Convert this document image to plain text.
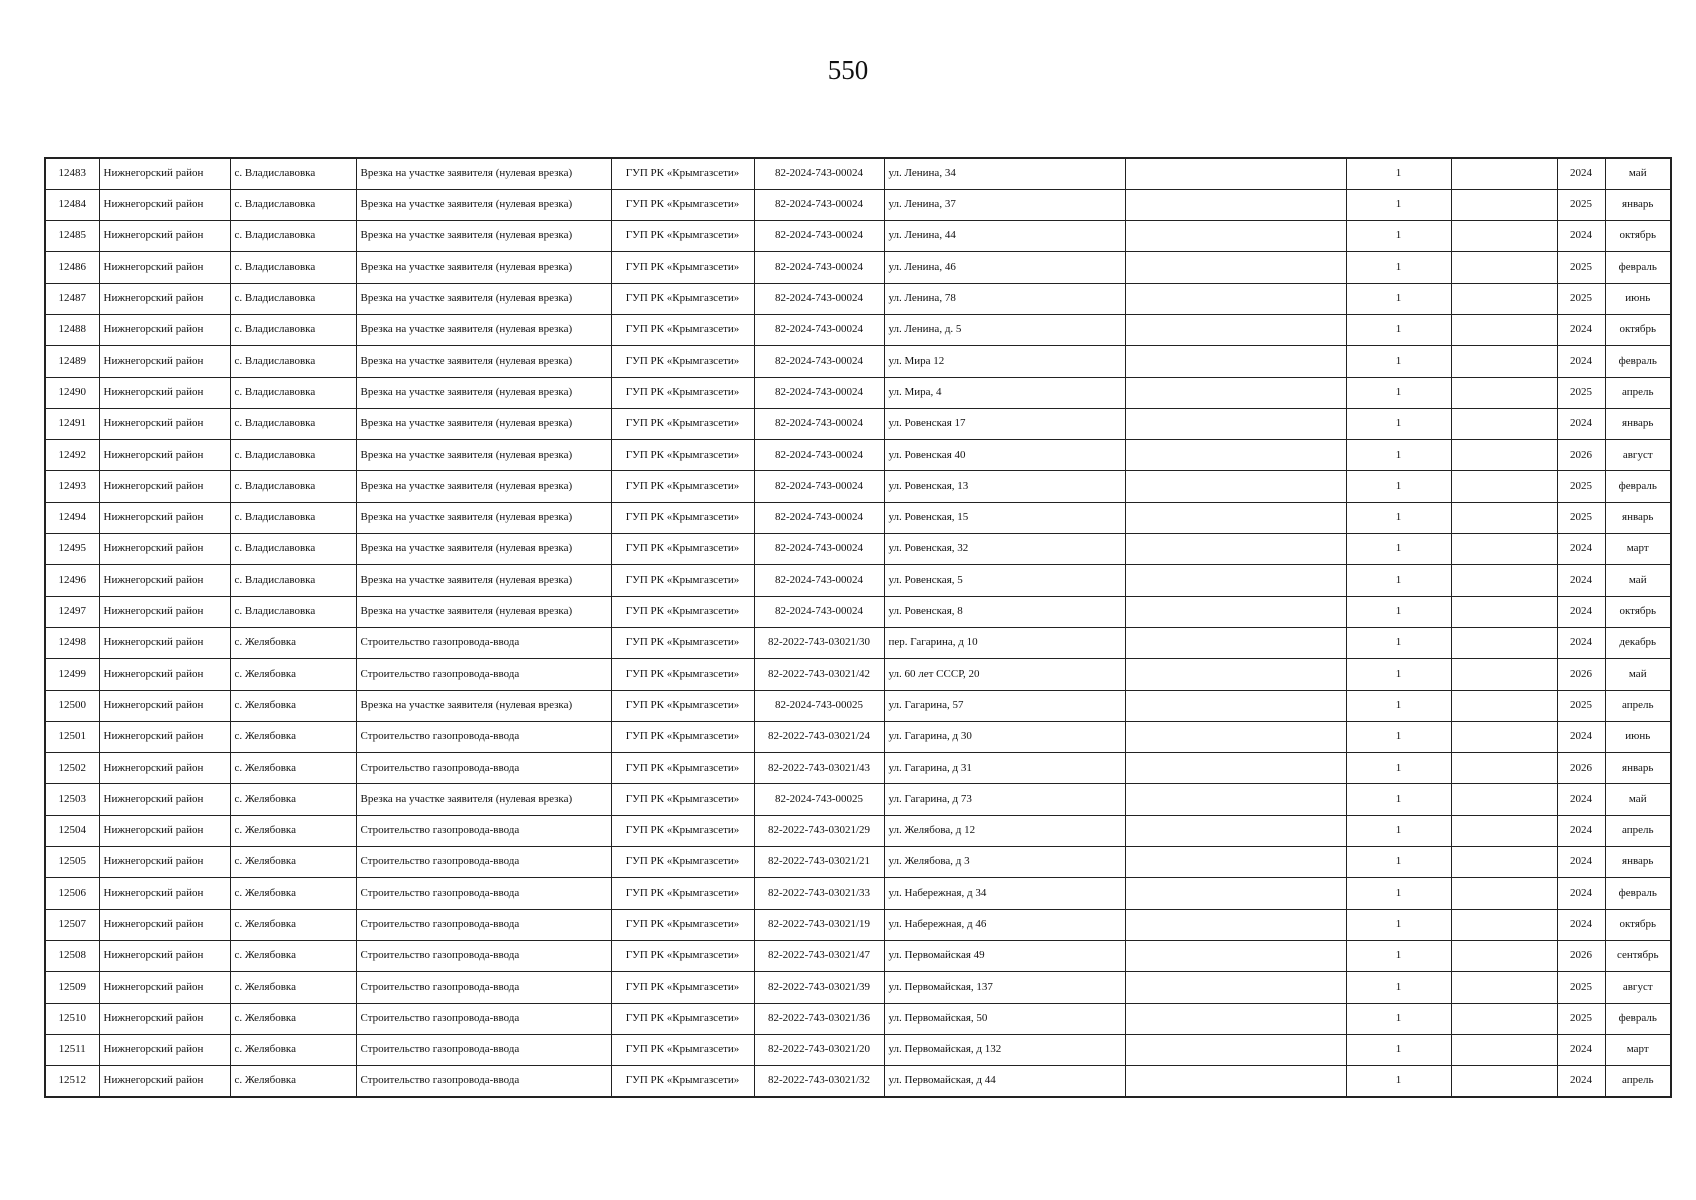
550
12483	Нижнегорский район	с. Владиславовка	Врезка на участке заявителя (нулевая врезка)	ГУП РК «Крымгазсети»	82-2024-743-00024	ул. Ленина, 34		1		2024	май
12484	Нижнегорский район	с. Владиславовка	Врезка на участке заявителя (нулевая врезка)	ГУП РК «Крымгазсети»	82-2024-743-00024	ул. Ленина, 37		1		2025	январь
12485	Нижнегорский район	с. Владиславовка	Врезка на участке заявителя (нулевая врезка)	ГУП РК «Крымгазсети»	82-2024-743-00024	ул. Ленина, 44		1		2024	октябрь
12486	Нижнегорский район	с. Владиславовка	Врезка на участке заявителя (нулевая врезка)	ГУП РК «Крымгазсети»	82-2024-743-00024	ул. Ленина, 46		1		2025	февраль
12487	Нижнегорский район	с. Владиславовка	Врезка на участке заявителя (нулевая врезка)	ГУП РК «Крымгазсети»	82-2024-743-00024	ул. Ленина, 78		1		2025	июнь
12488	Нижнегорский район	с. Владиславовка	Врезка на участке заявителя (нулевая врезка)	ГУП РК «Крымгазсети»	82-2024-743-00024	ул. Ленина, д. 5		1		2024	октябрь
12489	Нижнегорский район	с. Владиславовка	Врезка на участке заявителя (нулевая врезка)	ГУП РК «Крымгазсети»	82-2024-743-00024	ул. Мира 12		1		2024	февраль
12490	Нижнегорский район	с. Владиславовка	Врезка на участке заявителя (нулевая врезка)	ГУП РК «Крымгазсети»	82-2024-743-00024	ул. Мира, 4		1		2025	апрель
12491	Нижнегорский район	с. Владиславовка	Врезка на участке заявителя (нулевая врезка)	ГУП РК «Крымгазсети»	82-2024-743-00024	ул. Ровенская 17		1		2024	январь
12492	Нижнегорский район	с. Владиславовка	Врезка на участке заявителя (нулевая врезка)	ГУП РК «Крымгазсети»	82-2024-743-00024	ул. Ровенская 40		1		2026	август
12493	Нижнегорский район	с. Владиславовка	Врезка на участке заявителя (нулевая врезка)	ГУП РК «Крымгазсети»	82-2024-743-00024	ул. Ровенская, 13		1		2025	февраль
12494	Нижнегорский район	с. Владиславовка	Врезка на участке заявителя (нулевая врезка)	ГУП РК «Крымгазсети»	82-2024-743-00024	ул. Ровенская, 15		1		2025	январь
12495	Нижнегорский район	с. Владиславовка	Врезка на участке заявителя (нулевая врезка)	ГУП РК «Крымгазсети»	82-2024-743-00024	ул. Ровенская, 32		1		2024	март
12496	Нижнегорский район	с. Владиславовка	Врезка на участке заявителя (нулевая врезка)	ГУП РК «Крымгазсети»	82-2024-743-00024	ул. Ровенская, 5		1		2024	май
12497	Нижнегорский район	с. Владиславовка	Врезка на участке заявителя (нулевая врезка)	ГУП РК «Крымгазсети»	82-2024-743-00024	ул. Ровенская, 8		1		2024	октябрь
12498	Нижнегорский район	с. Желябовка	Строительство газопровода-ввода	ГУП РК «Крымгазсети»	82-2022-743-03021/30	пер. Гагарина, д 10		1		2024	декабрь
12499	Нижнегорский район	с. Желябовка	Строительство газопровода-ввода	ГУП РК «Крымгазсети»	82-2022-743-03021/42	ул. 60 лет СССР, 20		1		2026	май
12500	Нижнегорский район	с. Желябовка	Врезка на участке заявителя (нулевая врезка)	ГУП РК «Крымгазсети»	82-2024-743-00025	ул. Гагарина, 57		1		2025	апрель
12501	Нижнегорский район	с. Желябовка	Строительство газопровода-ввода	ГУП РК «Крымгазсети»	82-2022-743-03021/24	ул. Гагарина, д 30		1		2024	июнь
12502	Нижнегорский район	с. Желябовка	Строительство газопровода-ввода	ГУП РК «Крымгазсети»	82-2022-743-03021/43	ул. Гагарина, д 31		1		2026	январь
12503	Нижнегорский район	с. Желябовка	Врезка на участке заявителя (нулевая врезка)	ГУП РК «Крымгазсети»	82-2024-743-00025	ул. Гагарина, д 73		1		2024	май
12504	Нижнегорский район	с. Желябовка	Строительство газопровода-ввода	ГУП РК «Крымгазсети»	82-2022-743-03021/29	ул. Желябова, д 12		1		2024	апрель
12505	Нижнегорский район	с. Желябовка	Строительство газопровода-ввода	ГУП РК «Крымгазсети»	82-2022-743-03021/21	ул. Желябова, д 3		1		2024	январь
12506	Нижнегорский район	с. Желябовка	Строительство газопровода-ввода	ГУП РК «Крымгазсети»	82-2022-743-03021/33	ул. Набережная, д 34		1		2024	февраль
12507	Нижнегорский район	с. Желябовка	Строительство газопровода-ввода	ГУП РК «Крымгазсети»	82-2022-743-03021/19	ул. Набережная, д 46		1		2024	октябрь
12508	Нижнегорский район	с. Желябовка	Строительство газопровода-ввода	ГУП РК «Крымгазсети»	82-2022-743-03021/47	ул. Первомайская 49		1		2026	сентябрь
12509	Нижнегорский район	с. Желябовка	Строительство газопровода-ввода	ГУП РК «Крымгазсети»	82-2022-743-03021/39	ул. Первомайская, 137		1		2025	август
12510	Нижнегорский район	с. Желябовка	Строительство газопровода-ввода	ГУП РК «Крымгазсети»	82-2022-743-03021/36	ул. Первомайская, 50		1		2025	февраль
12511	Нижнегорский район	с. Желябовка	Строительство газопровода-ввода	ГУП РК «Крымгазсети»	82-2022-743-03021/20	ул. Первомайская, д 132		1		2024	март
12512	Нижнегорский район	с. Желябовка	Строительство газопровода-ввода	ГУП РК «Крымгазсети»	82-2022-743-03021/32	ул. Первомайская, д 44		1		2024	апрель
